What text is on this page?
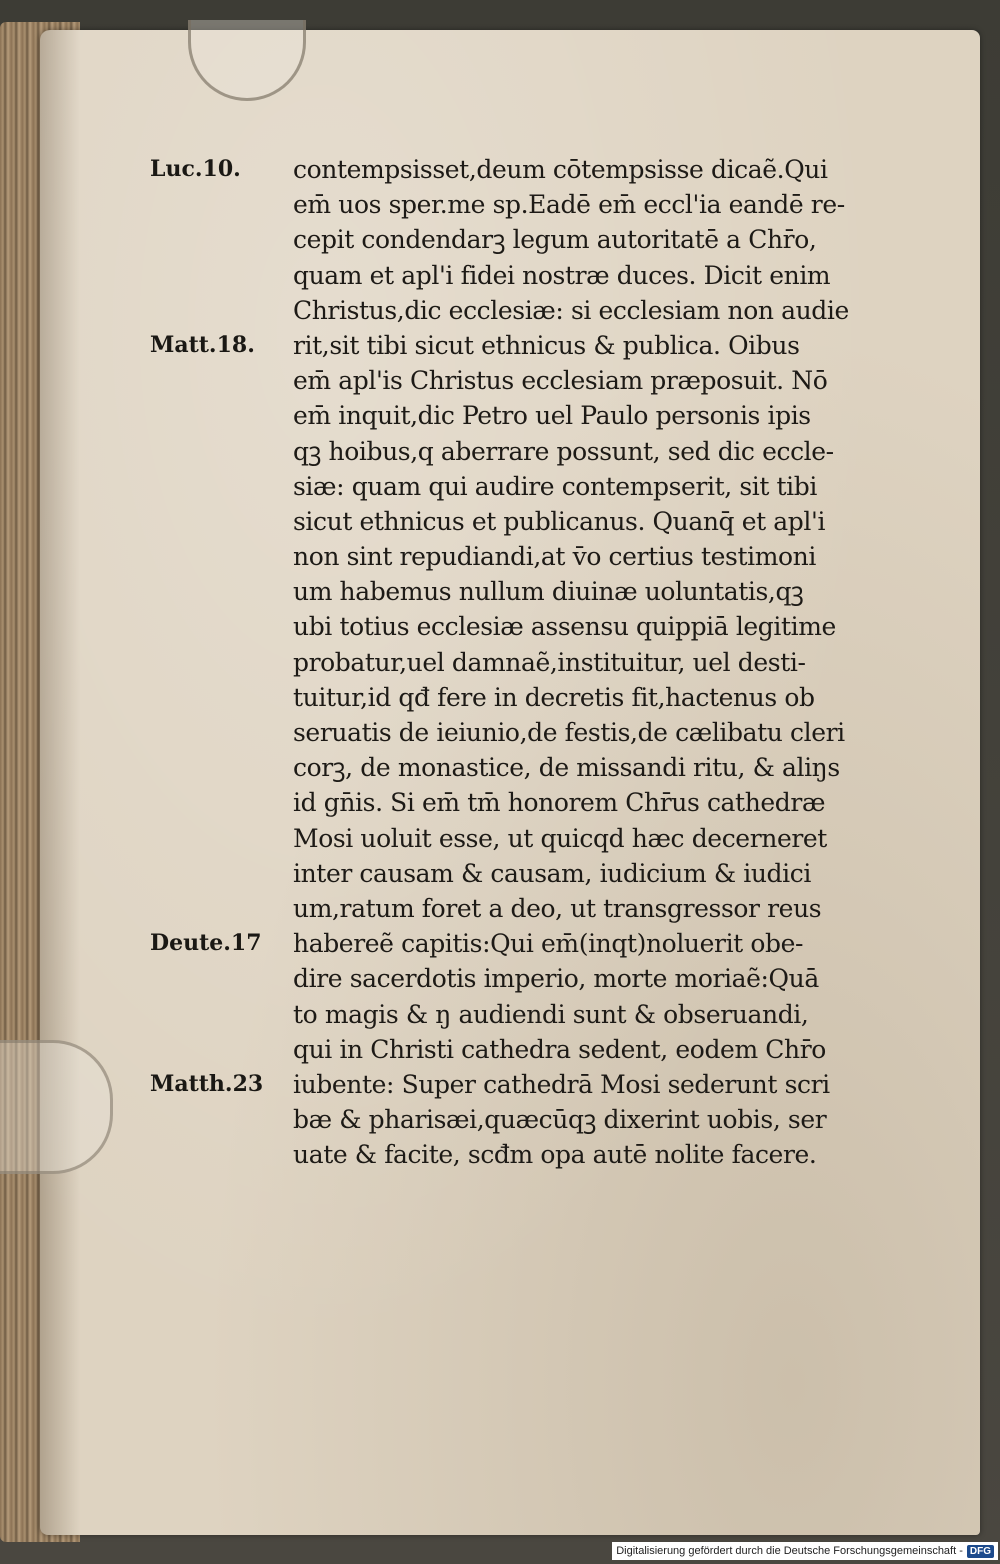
Luc.10. contempsisset,deum cōtempsisse dicaẽ.Qui
em̄ uos sper.me sp.Eadē em̄ eccl'ia eandē re-
cepit condendarꝫ legum autoritatē a Chr̄o,
quam et apl'i fidei nostræ duces. Dicit enim
Christus,dic ecclesiæ: si ecclesiam non audie
Matt.18. rit,sit tibi sicut ethnicus & publica. Oibus
em̄ apl'is Christus ecclesiam præposuit. Nō
em̄ inquit,dic Petro uel Paulo personis ipis
qꝫ hoibus,q aberrare possunt, sed dic eccle-
siæ: quam qui audire contempserit, sit tibi
sicut ethnicus et publicanus. Quanq̄ et apl'i
non sint repudiandi,at v̄o certius testimoni
um habemus nullum diuinæ uoluntatis,qꝫ
ubi totius ecclesiæ assensu quippiā legitime
probatur,uel damnaẽ,instituitur, uel desti-
tuitur,id qđ fere in decretis fit,hactenus ob
seruatis de ieiunio,de festis,de cælibatu cleri
corꝫ, de monastice, de missandi ritu, & aliŋs
id gn̄is. Si em̄ tm̄ honorem Chr̄us cathedræ
Mosi uoluit esse, ut quicqd hæc decerneret
inter causam & causam, iudicium & iudici
um,ratum foret a deo, ut transgressor reus
Deute.17 habereẽ capitis:Qui em̄(inqt)noluerit obe-
dire sacerdotis imperio, morte moriaẽ:Quā
to magis & ŋ audiendi sunt & obseruandi,
qui in Christi cathedra sedent, eodem Chr̄o
Matth.23 iubente: Super cathedrā Mosi sederunt scri
bæ & pharisæi,quæcūqꝫ dixerint uobis, ser
uate & facite, scđm opa autē nolite facere.
Digitalisierung gefördert durch die Deutsche Forschungsgemeinschaft - DFG
